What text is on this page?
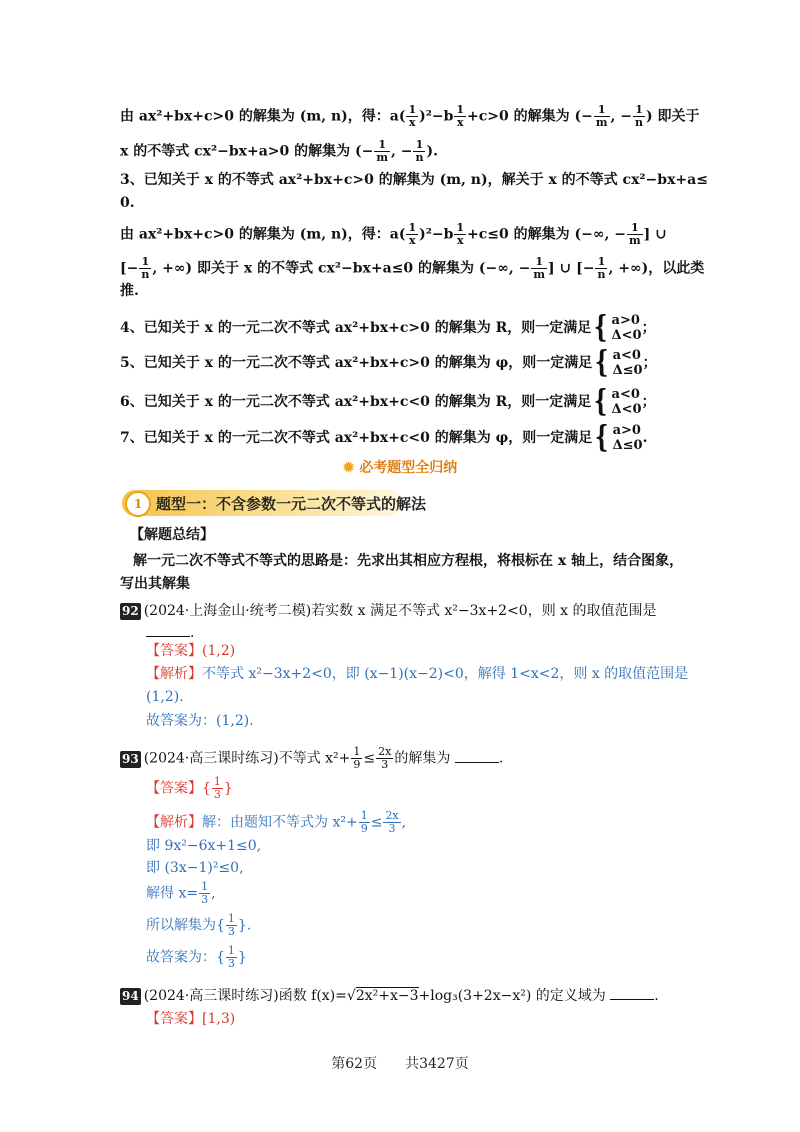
由 ax²+bx+c>0 的解集为 (m, n)，得：$a( \frac{1}{x} )^2-b \frac{1}{x} +c>0$ 的解集为 (− $\frac{1}{m}$ , − $\frac{1}{n}$ ) 即关于
x 的不等式 cx²−bx+a>0 的解集为 (− $\frac{1}{m}$ , − $\frac{1}{n}$ ).
3、已知关于 x 的不等式 ax²+bx+c>0 的解集为 (m, n)，解关于 x 的不等式 cx²−bx+a≤
0.
由 ax²+bx+c>0 的解集为 (m, n)，得：$a( \frac{1}{x} )^2-b \frac{1}{x} +c\le 0$ 的解集为 (−∞, − $\frac{1}{m}$ ] ∪
[− $\frac{1}{n}$ , +∞) 即关于 x 的不等式 cx²−bx+a≤0 的解集为 (−∞, − $\frac{1}{m}$ ] ∪ [− $\frac{1}{n}$ , +∞)，以此类
推.
4、已知关于 x 的一元二次不等式 ax²+bx+c>0 的解集为 R，则一定满足{ a>0
Δ<0 ；
5、已知关于 x 的一元二次不等式 ax²+bx+c>0 的解集为 φ，则一定满足{ a<0
Δ≤0 ；
6、已知关于 x 的一元二次不等式 ax²+bx+c<0 的解集为 R，则一定满足{ a<0
Δ<0 ；
7、已知关于 x 的一元二次不等式 ax²+bx+c<0 的解集为 φ，则一定满足{ a>0
Δ≤0 .
✹ 必考题型全归纳
1 题型一：不含参数一元二次不等式的解法
【解题总结】
解一元二次不等式不等式的思路是：先求出其相应方程根，将根标在 x 轴上，结合图象，
写出其解集
92 (2024·上海金山·统考二模)若实数 x 满足不等式 x²−3x+2<0，则 x 的取值范围是
.
【答案】(1,2)
【解析】不等式 x²−3x+2<0，即 (x−1)(x−2)<0，解得 1<x<2，则 x 的取值范围是
(1,2).
故答案为：(1,2).
93 (2024·高三课时练习)不等式 $x^2+ \frac{1}{9} \le \frac{2x}{3}$ 的解集为	.
【答案】{ $\frac{1}{3}$ }
【解析】解：由题知不等式为 $x^2+ \frac{1}{9} \le \frac{2x}{3}$ ,
即 9x²−6x+1≤0,
即 (3x−1)²≤0,
解得 $x= \frac{1}{3}$ ,
所以解集为{ $\frac{1}{3}$ }.
故答案为：{ $\frac{1}{3}$ }
94 (2024·高三课时练习)函数 f(x)=√2x²+x−3+log₃(3+2x−x²) 的定义域为	.
【答案】[1,3)
第62页　　共3427页
